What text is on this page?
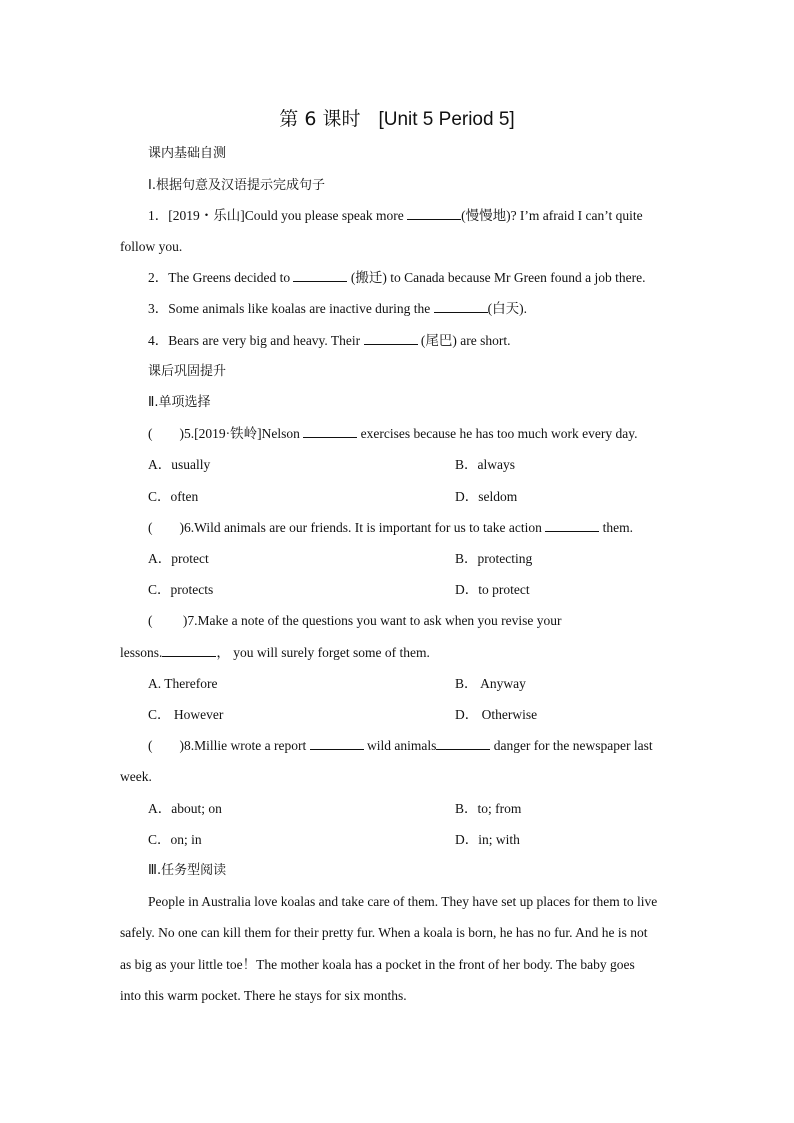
第 6 课时 [Unit 5 Period 5]
课内基础自测
Ⅰ.根据句意及汉语提示完成句子
1．[2019・乐山]Could you please speak more	(慢慢地)? I’m afraid I can’t quite
follow you.
2．The Greens decided to	(搬迁) to Canada because Mr Green found a job there.
3．Some animals like koalas are inactive during the	(白天).
4．Bears are very big and heavy. Their	(尾巴) are short.
课后巩固提升
Ⅱ.单项选择
(　　)5.[2019·铁岭]Nelson	exercises because he has too much work every day.
A．usually	B．always
C．often	D．seldom
(　　)6.Wild animals are our friends. It is important for us to take action	them.
A．protect	B．protecting
C．protects	D．to protect
(　　 )7.Make a note of the questions you want to ask when you revise your
lessons.	， you will surely forget some of them.
A. Therefore	B． Anyway
C． However	D． Otherwise
(　　)8.Millie wrote a report	wild animals	danger for the newspaper last
week.
A．about; on	B．to; from
C．on; in	D．in; with
Ⅲ.任务型阅读
People in Australia love koalas and take care of them. They have set up places for them to live
safely. No one can kill them for their pretty fur. When a koala is born, he has no fur. And he is not
as big as your little toe！The mother koala has a pocket in the front of her body. The baby goes
into this warm pocket. There he stays for six months.
